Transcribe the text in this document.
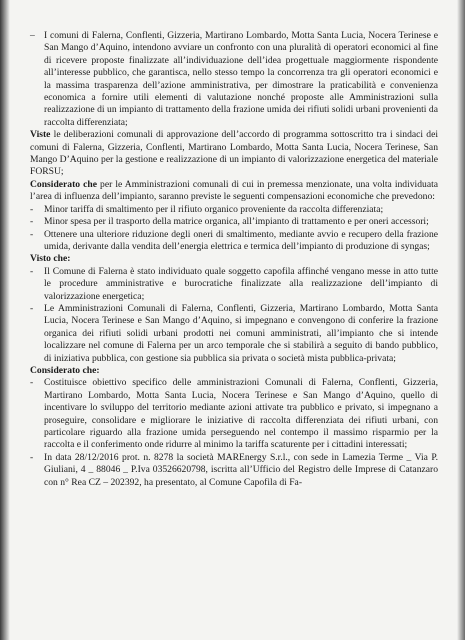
– I comuni di Falerna, Conflenti, Gizzeria, Martirano Lombardo, Motta Santa Lucia, Nocera Terinese e San Mango d’Aquino, intendono avviare un confronto con una pluralità di operatori economici al fine di ricevere proposte finalizzate all’individuazione dell’idea progettuale maggiormente rispondente all’interesse pubblico, che garantisca, nello stesso tempo la concorrenza tra gli operatori economici e la massima trasparenza dell’azione amministrativa, per dimostrare la praticabilità e convenienza economica a fornire utili elementi di valutazione nonché proposte alle Amministrazioni sulla realizzazione di un impianto di trattamento della frazione umida dei rifiuti solidi urbani provenienti da raccolta differenziata;

Viste le deliberazioni comunali di approvazione dell’accordo di programma sottoscritto tra i sindaci dei comuni di Falerna, Gizzeria, Conflenti, Martirano Lombardo, Motta Santa Lucia, Nocera Terinese, San Mango D’Aquino per la gestione e realizzazione di un impianto di valorizzazione energetica del materiale FORSU;

Considerato che per le Amministrazioni comunali di cui in premessa menzionate, una volta individuata l’area di influenza dell’impianto, saranno previste le seguenti compensazioni economiche che prevedono:

-	Minor tariffa di smaltimento per il rifiuto organico proveniente da raccolta differenziata;
-	Minor spesa per il trasporto della matrice organica, all’impianto di trattamento e per oneri accessori;
-	Ottenere una ulteriore riduzione degli oneri di smaltimento, mediante avvio e recupero della frazione umida, derivante dalla vendita dell’energia elettrica e termica dell’impianto di produzione di syngas;

Visto che:

-	Il Comune di Falerna è stato individuato quale soggetto capofila affinché vengano messe in atto tutte le procedure amministrative e burocratiche finalizzate alla realizzazione dell’impianto di valorizzazione energetica;
-	Le Amministrazioni Comunali di Falerna, Conflenti, Gizzeria, Martirano Lombardo, Motta Santa Lucia, Nocera Terinese e San Mango d’Aquino, si impegnano e convengono di conferire la frazione organica dei rifiuti solidi urbani prodotti nei comuni amministrati, all’impianto che si intende localizzare nel comune di Falerna per un arco temporale che si stabilirà a seguito di bando pubblico, di iniziativa pubblica, con gestione sia pubblica sia privata o società mista pubblica-privata;

Considerato che:

-	Costituisce obiettivo specifico delle amministrazioni Comunali di Falerna, Conflenti, Gizzeria, Martirano Lombardo, Motta Santa Lucia, Nocera Terinese e San Mango d’Aquino, quello di incentivare lo sviluppo del territorio mediante azioni attivate tra pubblico e privato, si impegnano a proseguire, consolidare e migliorare le iniziative di raccolta differenziata dei rifiuti urbani, con particolare riguardo alla frazione umida perseguendo nel contempo il massimo risparmio per la raccolta e il conferimento onde ridurre al minimo la tariffa scaturente per i cittadini interessati;
-	In data 28/12/2016 prot. n. 8278 la società MAREnergy S.r.l., con sede in Lamezia Terme _ Via P. Giuliani, 4 _ 88046 _ P.Iva 03526620798, iscritta all’Ufficio del Registro delle Imprese di Catanzaro con n° Rea CZ – 202392, ha presentato, al Comune Capofila di Fa-
